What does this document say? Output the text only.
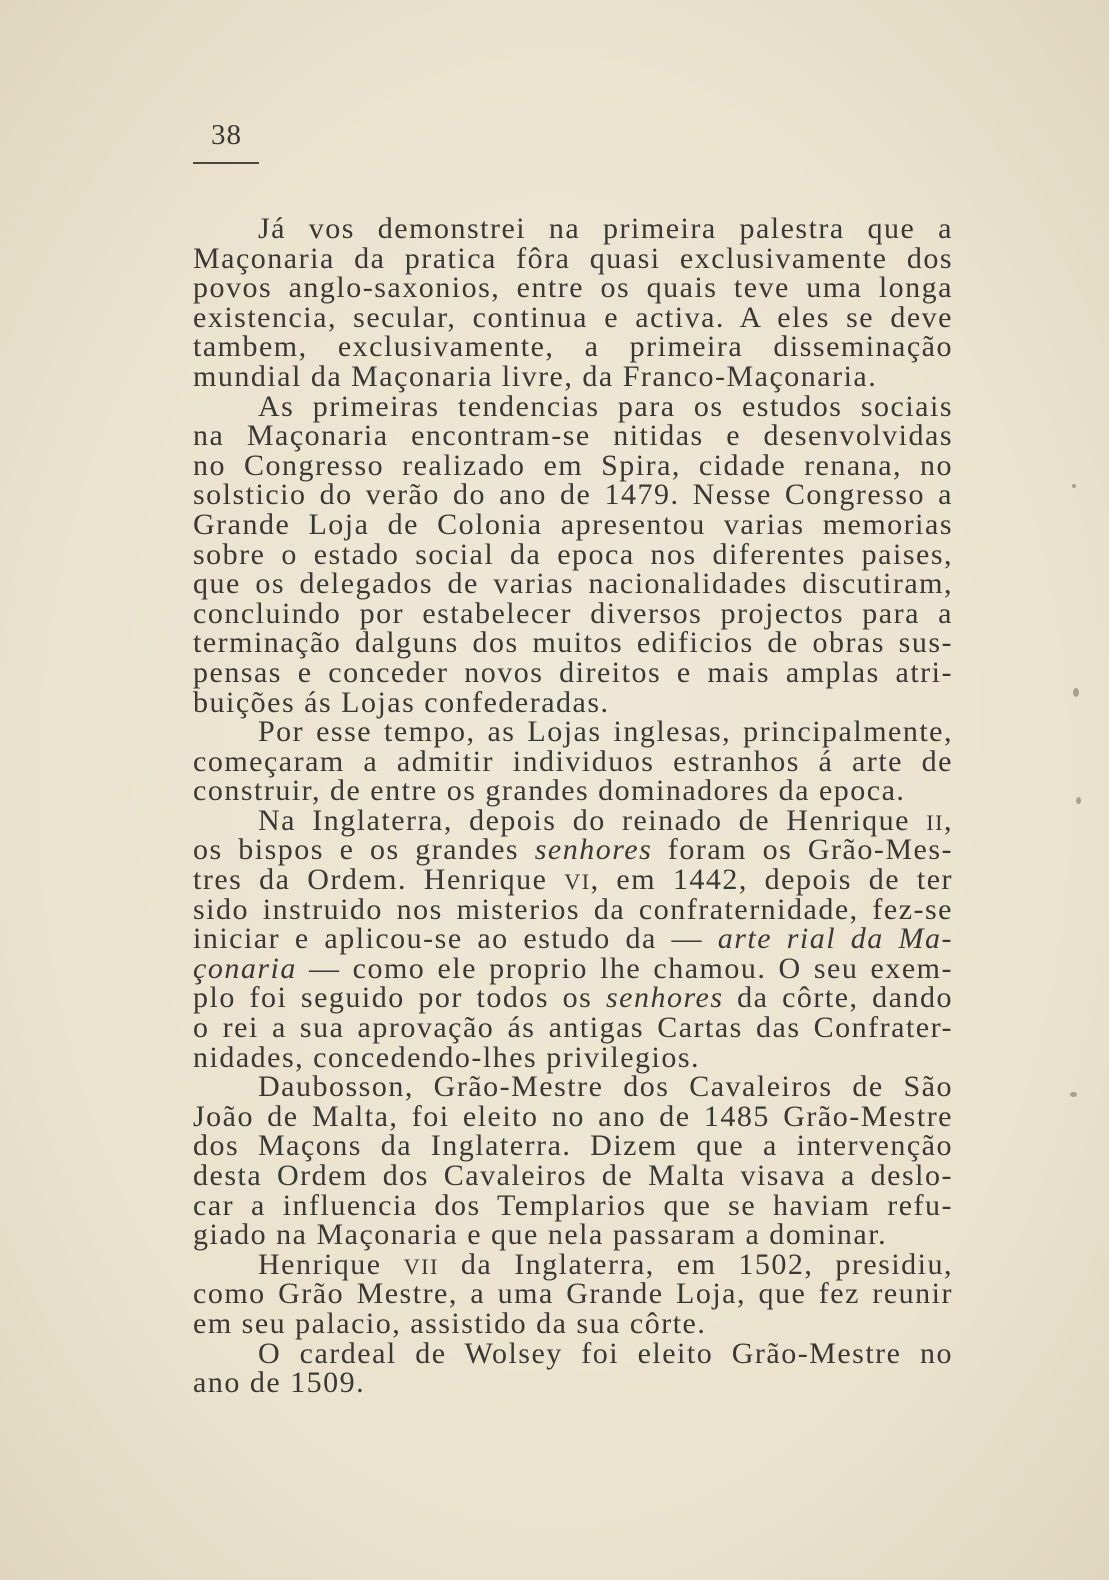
38
Já vos demonstrei na primeira palestra que a
Maçonaria da pratica fôra quasi exclusivamente dos
povos anglo-saxonios, entre os quais teve uma longa
existencia, secular, continua e activa. A eles se deve
tambem, exclusivamente, a primeira disseminação
mundial da Maçonaria livre, da Franco-Maçonaria.
As primeiras tendencias para os estudos sociais
na Maçonaria encontram-se nitidas e desenvolvidas
no Congresso realizado em Spira, cidade renana, no
solsticio do verão do ano de 1479. Nesse Congresso a
Grande Loja de Colonia apresentou varias memorias
sobre o estado social da epoca nos diferentes paises,
que os delegados de varias nacionalidades discutiram,
concluindo por estabelecer diversos projectos para a
terminação dalguns dos muitos edificios de obras sus-
pensas e conceder novos direitos e mais amplas atri-
buições ás Lojas confederadas.
Por esse tempo, as Lojas inglesas, principalmente,
começaram a admitir individuos estranhos á arte de
construir, de entre os grandes dominadores da epoca.
Na Inglaterra, depois do reinado de Henrique II,
os bispos e os grandes senhores foram os Grão-Mes-
tres da Ordem. Henrique VI, em 1442, depois de ter
sido instruido nos misterios da confraternidade, fez-se
iniciar e aplicou-se ao estudo da — arte rial da Ma-
çonaria — como ele proprio lhe chamou. O seu exem-
plo foi seguido por todos os senhores da côrte, dando
o rei a sua aprovação ás antigas Cartas das Confrater-
nidades, concedendo-lhes privilegios.
Daubosson, Grão-Mestre dos Cavaleiros de São
João de Malta, foi eleito no ano de 1485 Grão-Mestre
dos Maçons da Inglaterra. Dizem que a intervenção
desta Ordem dos Cavaleiros de Malta visava a deslo-
car a influencia dos Templarios que se haviam refu-
giado na Maçonaria e que nela passaram a dominar.
Henrique VII da Inglaterra, em 1502, presidiu,
como Grão Mestre, a uma Grande Loja, que fez reunir
em seu palacio, assistido da sua côrte.
O cardeal de Wolsey foi eleito Grão-Mestre no
ano de 1509.
